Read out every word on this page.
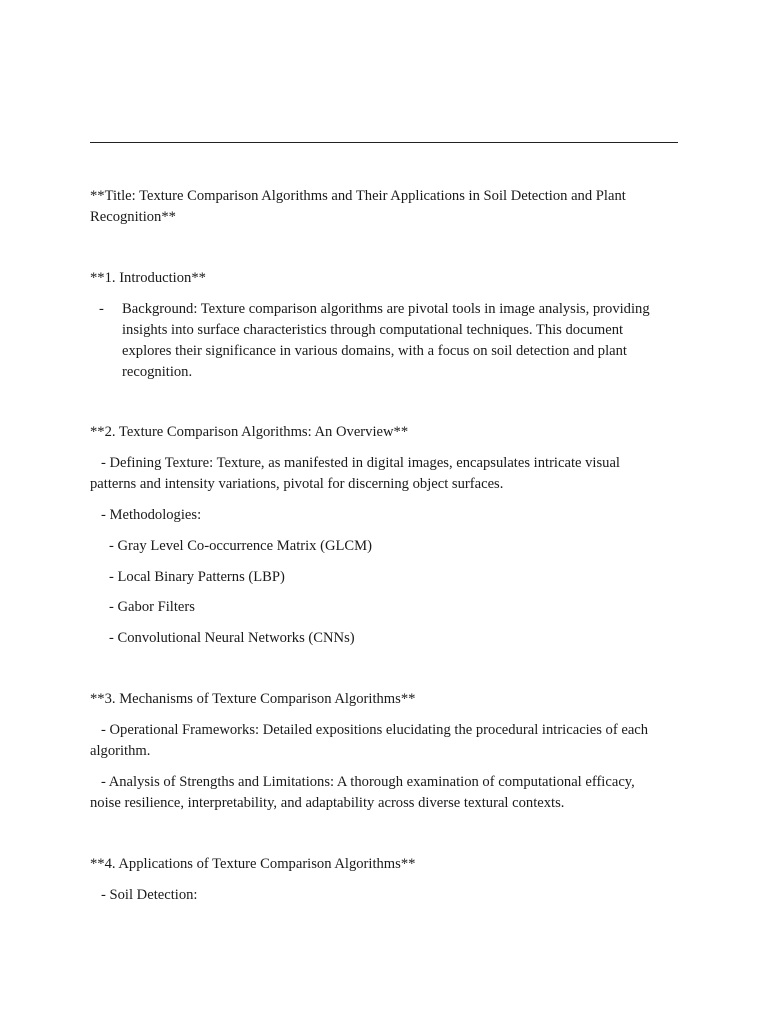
**Title: Texture Comparison Algorithms and Their Applications in Soil Detection and Plant
Recognition**
**1. Introduction**
- Background: Texture comparison algorithms are pivotal tools in image analysis, providing
insights into surface characteristics through computational techniques. This document
explores their significance in various domains, with a focus on soil detection and plant
recognition.
**2. Texture Comparison Algorithms: An Overview**
- Defining Texture: Texture, as manifested in digital images, encapsulates intricate visual
patterns and intensity variations, pivotal for discerning object surfaces.
- Methodologies:
- Gray Level Co-occurrence Matrix (GLCM)
- Local Binary Patterns (LBP)
- Gabor Filters
- Convolutional Neural Networks (CNNs)
**3. Mechanisms of Texture Comparison Algorithms**
- Operational Frameworks: Detailed expositions elucidating the procedural intricacies of each
algorithm.
- Analysis of Strengths and Limitations: A thorough examination of computational efficacy,
noise resilience, interpretability, and adaptability across diverse textural contexts.
**4. Applications of Texture Comparison Algorithms**
- Soil Detection:
